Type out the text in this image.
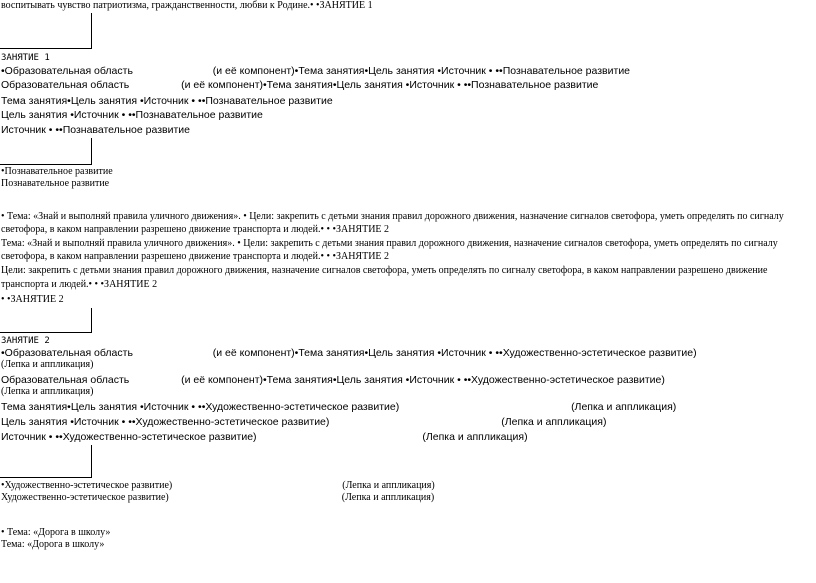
воспитывать чувство патриотизма, гражданственности, любви к Родине.• •ЗАНЯТИЕ 1
ЗАНЯТИЕ 1
•Образовательная область	(и её компонент)•Тема занятия•Цель занятия •Источник • ••Познавательное развитие
Образовательная область	(и её компонент)•Тема занятия•Цель занятия •Источник • ••Познавательное развитие
Тема занятия•Цель занятия •Источник • ••Познавательное развитие
Цель занятия •Источник • ••Познавательное развитие
Источник • ••Познавательное развитие
•Познавательное развитие
Познавательное развитие
• Тема: «Знай и выполняй правила уличного движения». • Цели: закрепить с детьми знания правил дорожного движения, назначение сигналов светофора, уметь определять по сигналу
светофора, в каком направлении разрешено движение транспорта и людей.• • •ЗАНЯТИЕ 2
Тема: «Знай и выполняй правила уличного движения». • Цели: закрепить с детьми знания правил дорожного движения, назначение сигналов светофора, уметь определять по сигналу
светофора, в каком направлении разрешено движение транспорта и людей.• • •ЗАНЯТИЕ 2
Цели: закрепить с детьми знания правил дорожного движения, назначение сигналов светофора, уметь определять по сигналу светофора, в каком направлении разрешено движение
транспорта и людей.• • •ЗАНЯТИЕ 2
• •ЗАНЯТИЕ 2
ЗАНЯТИЕ 2
•Образовательная область	(и её компонент)•Тема занятия•Цель занятия •Источник • ••Художественно-эстетическое развитие)
(Лепка и аппликация)
Образовательная область	(и её компонент)•Тема занятия•Цель занятия •Источник • ••Художественно-эстетическое развитие)
(Лепка и аппликация)
Тема занятия•Цель занятия •Источник • ••Художественно-эстетическое развитие)	(Лепка и аппликация)
Цель занятия •Источник • ••Художественно-эстетическое развитие)	(Лепка и аппликация)
Источник • ••Художественно-эстетическое развитие)	(Лепка и аппликация)
•Художественно-эстетическое развитие)	(Лепка и аппликация)
Художественно-эстетическое развитие)	(Лепка и аппликация)
• Тема: «Дорога в школу»
Тема: «Дорога в школу»
